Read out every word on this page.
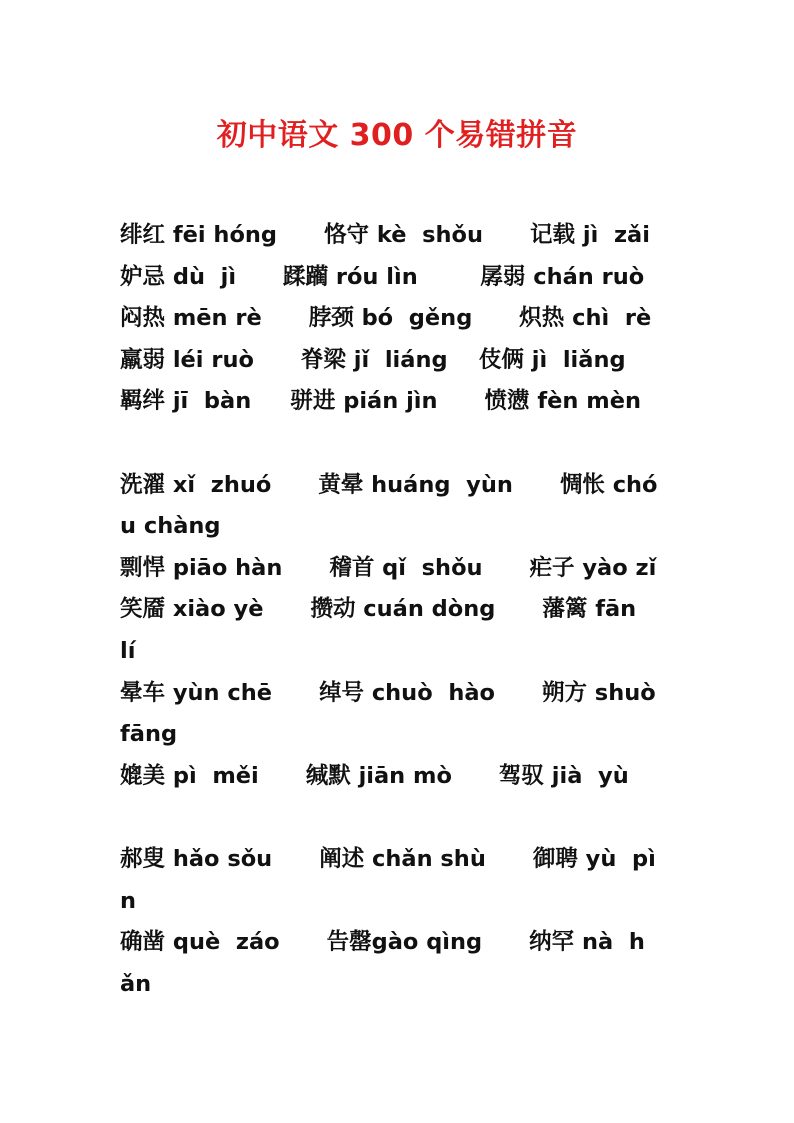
初中语文 300 个易错拼音
绯红 fēi hóng      恪守 kè  shǒu      记载 jì  zǎi
妒忌 dù  jì      蹂躏 róu lìn        孱弱 chán ruò
闷热 mēn rè      脖颈 bó  gěng      炽热 chì  rè
羸弱 léi ruò      脊梁 jǐ  liáng    伎俩 jì  liǎng
羁绊 jī  bàn     骈进 pián jìn      愤懑 fèn mèn
洗濯 xǐ  zhuó      黄晕 huáng  yùn      惆怅 chó
u chàng
剽悍 piāo hàn      稽首 qǐ  shǒu      疟子 yào zǐ
笑靥 xiào yè      攒动 cuán dòng      藩篱 fān
lí
晕车 yùn chē      绰号 chuò  hào      朔方 shuò
fāng
媲美 pì  měi      缄默 jiān mò      驾驭 jià  yù
郝叟 hǎo sǒu      阐述 chǎn shù      御聘 yù  pì
n
确凿 què  záo      告罄gào qìng      纳罕 nà  h
ǎn
